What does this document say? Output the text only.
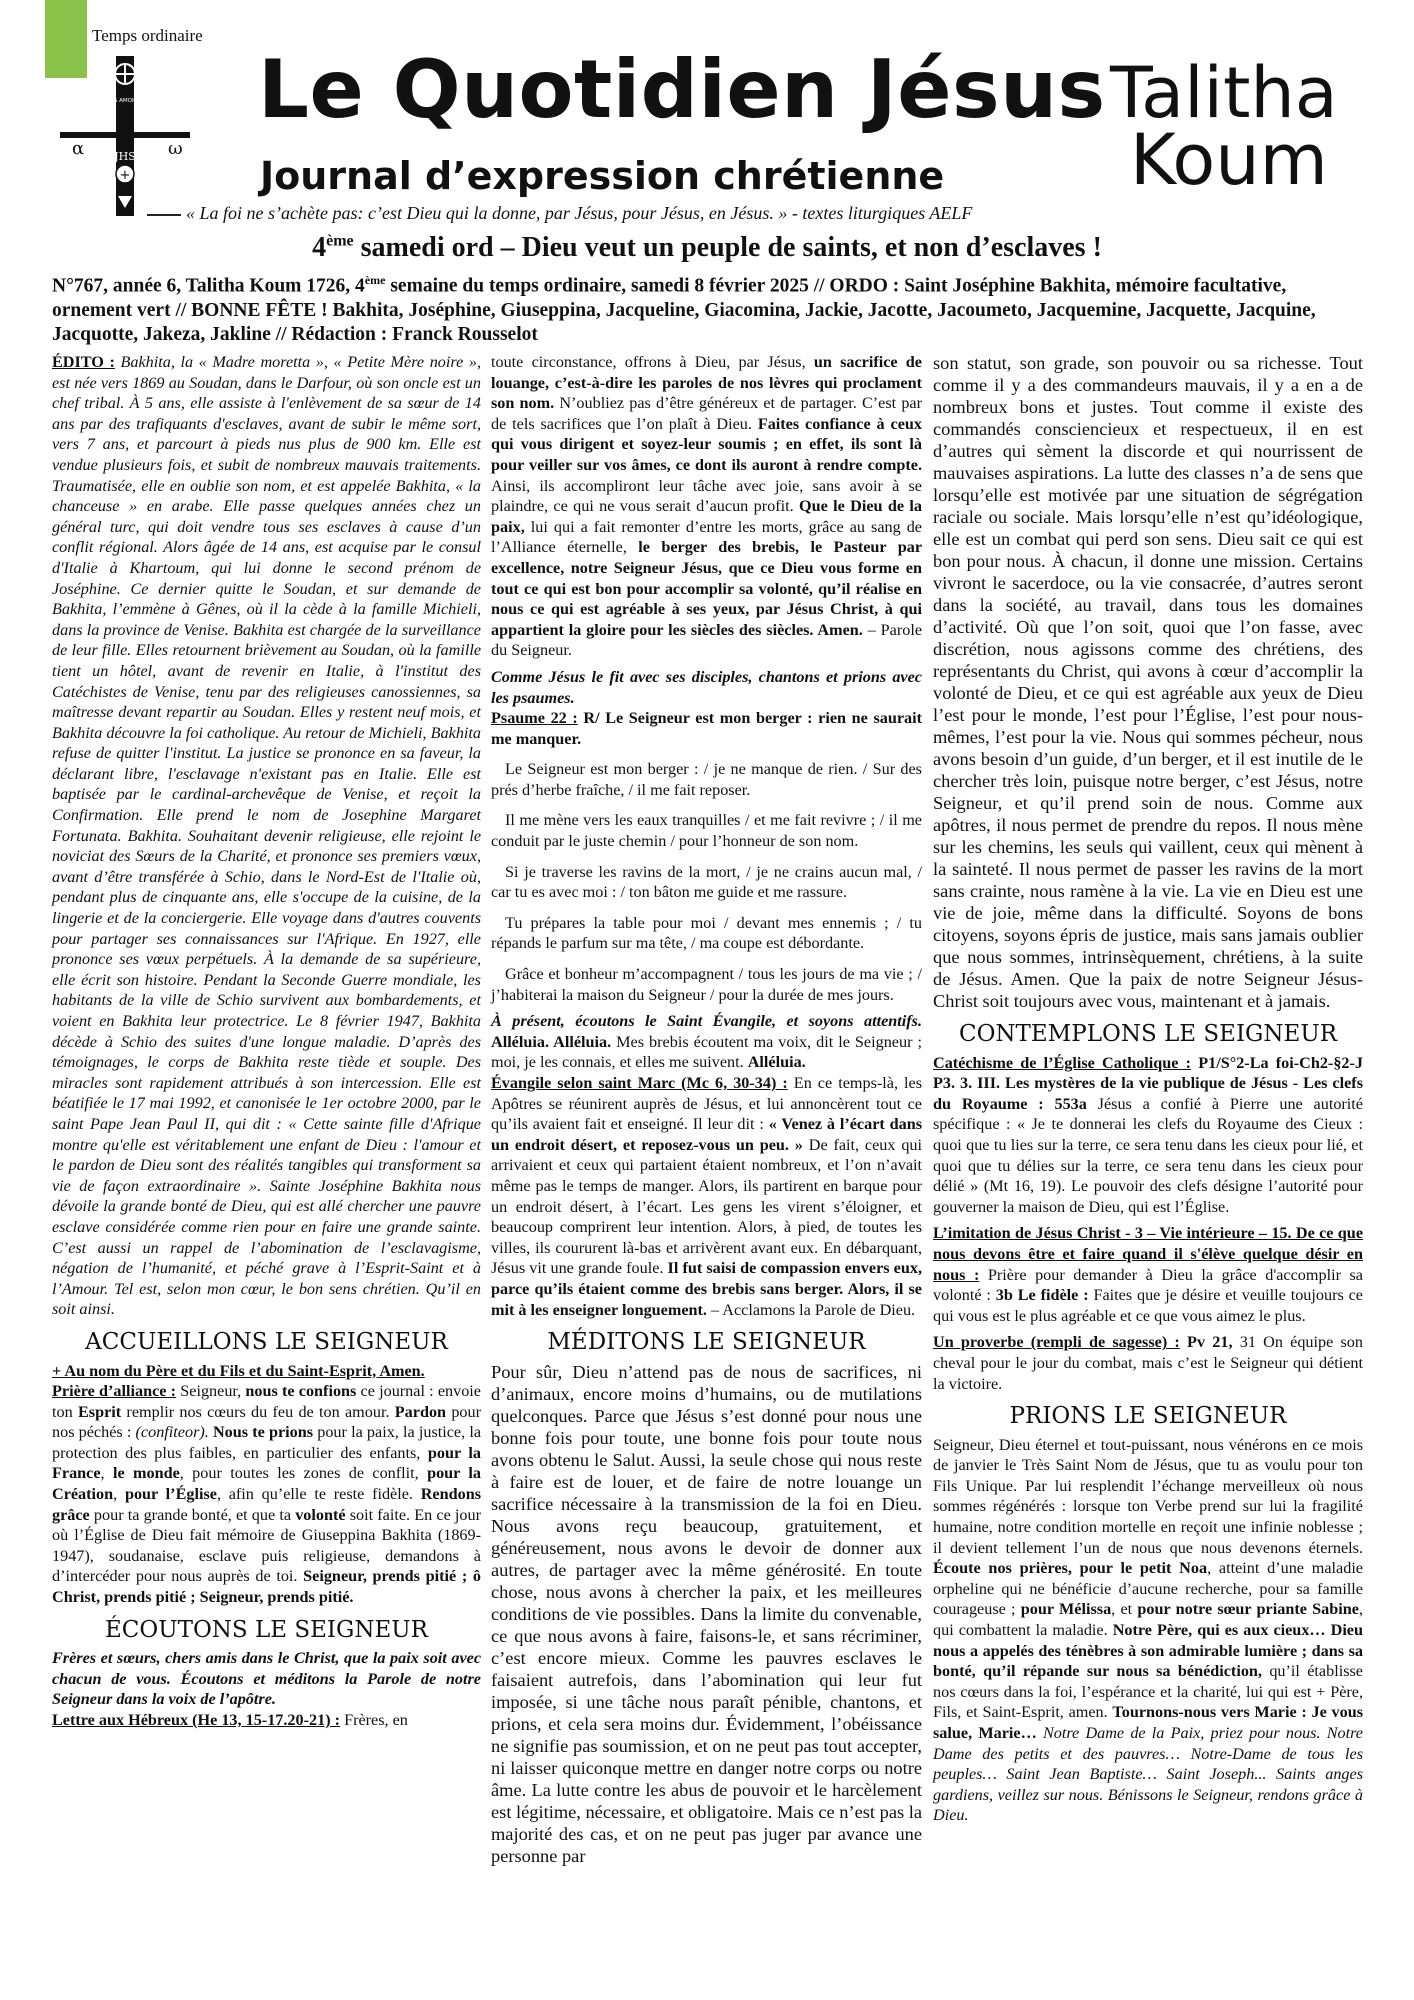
Temps ordinaire
DEUS AMOR EST
JHS
α	ω
+
Le Quotidien Jésus
Journal d’expression chrétienne
Talitha
Koum
« La foi ne s’achète pas: c’est Dieu qui la donne, par Jésus, pour Jésus, en Jésus. » - textes liturgiques AELF
4ème samedi ord – Dieu veut un peuple de saints, et non d’esclaves !
N°767, année 6, Talitha Koum 1726, 4ème semaine du temps ordinaire, samedi 8 février 2025 // ORDO : Saint Joséphine Bakhita, mémoire facultative, ornement vert // BONNE FÊTE ! Bakhita, Joséphine, Giuseppina, Jacqueline, Giacomina, Jackie, Jacotte, Jacoumeto, Jacquemine, Jacquette, Jacquine, Jacquotte, Jakeza, Jakline // Rédaction : Franck Rousselot

ÉDITO : Bakhita, la « Madre moretta », « Petite Mère noire », est née vers 1869 au Soudan, dans le Darfour, où son oncle est un chef tribal. À 5 ans, elle assiste à l'enlèvement de sa sœur de 14 ans par des trafiquants d'esclaves, avant de subir le même sort, vers 7 ans, et parcourt à pieds nus plus de 900 km. Elle est vendue plusieurs fois, et subit de nombreux mauvais traitements. Traumatisée, elle en oublie son nom, et est appelée Bakhita, « la chanceuse » en arabe. Elle passe quelques années chez un général turc, qui doit vendre tous ses esclaves à cause d’un conflit régional. Alors âgée de 14 ans, est acquise par le consul d'Italie à Khartoum, qui lui donne le second prénom de Joséphine. Ce dernier quitte le Soudan, et sur demande de Bakhita, l’emmène à Gênes, où il la cède à la famille Michieli, dans la province de Venise. Bakhita est chargée de la surveillance de leur fille. Elles retournent brièvement au Soudan, où la famille tient un hôtel, avant de revenir en Italie, à l'institut des Catéchistes de Venise, tenu par des religieuses canossiennes, sa maîtresse devant repartir au Soudan. Elles y restent neuf mois, et Bakhita découvre la foi catholique. Au retour de Michieli, Bakhita refuse de quitter l'institut. La justice se prononce en sa faveur, la déclarant libre, l'esclavage n'existant pas en Italie. Elle est baptisée par le cardinal-archevêque de Venise, et reçoit la Confirmation. Elle prend le nom de Josephine Margaret Fortunata. Bakhita. Souhaitant devenir religieuse, elle rejoint le noviciat des Sœurs de la Charité, et prononce ses premiers vœux, avant d’être transférée à Schio, dans le Nord-Est de l'Italie où, pendant plus de cinquante ans, elle s'occupe de la cuisine, de la lingerie et de la conciergerie. Elle voyage dans d'autres couvents pour partager ses connaissances sur l'Afrique. En 1927, elle prononce ses vœux perpétuels. À la demande de sa supérieure, elle écrit son histoire. Pendant la Seconde Guerre mondiale, les habitants de la ville de Schio survivent aux bombardements, et voient en Bakhita leur protectrice. Le 8 février 1947, Bakhita décède à Schio des suites d'une longue maladie. D’après des témoignages, le corps de Bakhita reste tiède et souple. Des miracles sont rapidement attribués à son intercession. Elle est béatifiée le 17 mai 1992, et canonisée le 1er octobre 2000, par le saint Pape Jean Paul II, qui dit : « Cette sainte fille d'Afrique montre qu'elle est véritablement une enfant de Dieu : l'amour et le pardon de Dieu sont des réalités tangibles qui transforment sa vie de façon extraordinaire ». Sainte Joséphine Bakhita nous dévoile la grande bonté de Dieu, qui est allé chercher une pauvre esclave considérée comme rien pour en faire une grande sainte. C’est aussi un rappel de l’abomination de l’esclavagisme, négation de l’humanité, et péché grave à l’Esprit-Saint et à l’Amour. Tel est, selon mon cœur, le bon sens chrétien. Qu’il en soit ainsi.

ACCUEILLONS LE SEIGNEUR

+ Au nom du Père et du Fils et du Saint-Esprit, Amen.

Prière d’alliance : Seigneur, nous te confions ce journal : envoie ton Esprit remplir nos cœurs du feu de ton amour. Pardon pour nos péchés : (confiteor). Nous te prions pour la paix, la justice, la protection des plus faibles, en particulier des enfants, pour la France, le monde, pour toutes les zones de conflit, pour la Création, pour l’Église, afin qu’elle te reste fidèle. Rendons grâce pour ta grande bonté, et que ta volonté soit faite. En ce jour où l’Église de Dieu fait mémoire de Giuseppina Bakhita (1869-1947), soudanaise, esclave puis religieuse, demandons à d’intercéder pour nous auprès de toi. Seigneur, prends pitié ; ô Christ, prends pitié ; Seigneur, prends pitié.

ÉCOUTONS LE SEIGNEUR

Frères et sœurs, chers amis dans le Christ, que la paix soit avec chacun de vous. Écoutons et méditons la Parole de notre Seigneur dans la voix de l’apôtre.

Lettre aux Hébreux (He 13, 15-17.20-21) : Frères, en

toute circonstance, offrons à Dieu, par Jésus, un sacrifice de louange, c’est-à-dire les paroles de nos lèvres qui proclament son nom. N’oubliez pas d’être généreux et de partager. C’est par de tels sacrifices que l’on plaît à Dieu. Faites confiance à ceux qui vous dirigent et soyez-leur soumis ; en effet, ils sont là pour veiller sur vos âmes, ce dont ils auront à rendre compte. Ainsi, ils accompliront leur tâche avec joie, sans avoir à se plaindre, ce qui ne vous serait d’aucun profit. Que le Dieu de la paix, lui qui a fait remonter d’entre les morts, grâce au sang de l’Alliance éternelle, le berger des brebis, le Pasteur par excellence, notre Seigneur Jésus, que ce Dieu vous forme en tout ce qui est bon pour accomplir sa volonté, qu’il réalise en nous ce qui est agréable à ses yeux, par Jésus Christ, à qui appartient la gloire pour les siècles des siècles. Amen. – Parole du Seigneur.

Comme Jésus le fit avec ses disciples, chantons et prions avec les psaumes.

Psaume 22 : R/ Le Seigneur est mon berger : rien ne saurait me manquer.

Le Seigneur est mon berger : / je ne manque de rien. / Sur des prés d’herbe fraîche, / il me fait reposer.

Il me mène vers les eaux tranquilles / et me fait revivre ; / il me conduit par le juste chemin / pour l’honneur de son nom.

Si je traverse les ravins de la mort, / je ne crains aucun mal, / car tu es avec moi : / ton bâton me guide et me rassure.

Tu prépares la table pour moi / devant mes ennemis ; / tu répands le parfum sur ma tête, / ma coupe est débordante.

Grâce et bonheur m’accompagnent / tous les jours de ma vie ; / j’habiterai la maison du Seigneur / pour la durée de mes jours.

À présent, écoutons le Saint Évangile, et soyons attentifs. Alléluia. Alléluia. Mes brebis écoutent ma voix, dit le Seigneur ; moi, je les connais, et elles me suivent. Alléluia.

Évangile selon saint Marc (Mc 6, 30-34) : En ce temps-là, les Apôtres se réunirent auprès de Jésus, et lui annoncèrent tout ce qu’ils avaient fait et enseigné. Il leur dit : « Venez à l’écart dans un endroit désert, et reposez-vous un peu. » De fait, ceux qui arrivaient et ceux qui partaient étaient nombreux, et l’on n’avait même pas le temps de manger. Alors, ils partirent en barque pour un endroit désert, à l’écart. Les gens les virent s’éloigner, et beaucoup comprirent leur intention. Alors, à pied, de toutes les villes, ils coururent là-bas et arrivèrent avant eux. En débarquant, Jésus vit une grande foule. Il fut saisi de compassion envers eux, parce qu’ils étaient comme des brebis sans berger. Alors, il se mit à les enseigner longuement. – Acclamons la Parole de Dieu.

MÉDITONS LE SEIGNEUR

Pour sûr, Dieu n’attend pas de nous de sacrifices, ni d’animaux, encore moins d’humains, ou de mutilations quelconques. Parce que Jésus s’est donné pour nous une bonne fois pour toute, une bonne fois pour toute nous avons obtenu le Salut. Aussi, la seule chose qui nous reste à faire est de louer, et de faire de notre louange un sacrifice nécessaire à la transmission de la foi en Dieu. Nous avons reçu beaucoup, gratuitement, et généreusement, nous avons le devoir de donner aux autres, de partager avec la même générosité. En toute chose, nous avons à chercher la paix, et les meilleures conditions de vie possibles. Dans la limite du convenable, ce que nous avons à faire, faisons-le, et sans récriminer, c’est encore mieux. Comme les pauvres esclaves le faisaient autrefois, dans l’abomination qui leur fut imposée, si une tâche nous paraît pénible, chantons, et prions, et cela sera moins dur. Évidemment, l’obéissance ne signifie pas soumission, et on ne peut pas tout accepter, ni laisser quiconque mettre en danger notre corps ou notre âme. La lutte contre les abus de pouvoir et le harcèlement est légitime, nécessaire, et obligatoire. Mais ce n’est pas la majorité des cas, et on ne peut pas juger par avance une personne par

son statut, son grade, son pouvoir ou sa richesse. Tout comme il y a des commandeurs mauvais, il y a en a de nombreux bons et justes. Tout comme il existe des commandés consciencieux et respectueux, il en est d’autres qui sèment la discorde et qui nourrissent de mauvaises aspirations. La lutte des classes n’a de sens que lorsqu’elle est motivée par une situation de ségrégation raciale ou sociale. Mais lorsqu’elle n’est qu’idéologique, elle est un combat qui perd son sens. Dieu sait ce qui est bon pour nous. À chacun, il donne une mission. Certains vivront le sacerdoce, ou la vie consacrée, d’autres seront dans la société, au travail, dans tous les domaines d’activité. Où que l’on soit, quoi que l’on fasse, avec discrétion, nous agissons comme des chrétiens, des représentants du Christ, qui avons à cœur d’accomplir la volonté de Dieu, et ce qui est agréable aux yeux de Dieu l’est pour le monde, l’est pour l’Église, l’est pour nous-mêmes, l’est pour la vie. Nous qui sommes pécheur, nous avons besoin d’un guide, d’un berger, et il est inutile de le chercher très loin, puisque notre berger, c’est Jésus, notre Seigneur, et qu’il prend soin de nous. Comme aux apôtres, il nous permet de prendre du repos. Il nous mène sur les chemins, les seuls qui vaillent, ceux qui mènent à la sainteté. Il nous permet de passer les ravins de la mort sans crainte, nous ramène à la vie. La vie en Dieu est une vie de joie, même dans la difficulté. Soyons de bons citoyens, soyons épris de justice, mais sans jamais oublier que nous sommes, intrinsèquement, chrétiens, à la suite de Jésus. Amen. Que la paix de notre Seigneur Jésus-Christ soit toujours avec vous, maintenant et à jamais.

CONTEMPLONS LE SEIGNEUR

Catéchisme de l’Église Catholique : P1/S°2-La foi-Ch2-§2-J P3. 3. III. Les mystères de la vie publique de Jésus - Les clefs du Royaume : 553a Jésus a confié à Pierre une autorité spécifique : « Je te donnerai les clefs du Royaume des Cieux : quoi que tu lies sur la terre, ce sera tenu dans les cieux pour lié, et quoi que tu délies sur la terre, ce sera tenu dans les cieux pour délié » (Mt 16, 19). Le pouvoir des clefs désigne l’autorité pour gouverner la maison de Dieu, qui est l’Église.

L’imitation de Jésus Christ - 3 – Vie intérieure – 15. De ce que nous devons être et faire quand il s'élève quelque désir en nous : Prière pour demander à Dieu la grâce d'accomplir sa volonté : 3b Le fidèle : Faites que je désire et veuille toujours ce qui vous est le plus agréable et ce que vous aimez le plus.

Un proverbe (rempli de sagesse) : Pv 21, 31 On équipe son cheval pour le jour du combat, mais c’est le Seigneur qui détient la victoire.

PRIONS LE SEIGNEUR

Seigneur, Dieu éternel et tout-puissant, nous vénérons en ce mois de janvier le Très Saint Nom de Jésus, que tu as voulu pour ton Fils Unique. Par lui resplendit l’échange merveilleux où nous sommes régénérés : lorsque ton Verbe prend sur lui la fragilité humaine, notre condition mortelle en reçoit une infinie noblesse ; il devient tellement l’un de nous que nous devenons éternels. Écoute nos prières, pour le petit Noa, atteint d’une maladie orpheline qui ne bénéficie d’aucune recherche, pour sa famille courageuse ; pour Mélissa, et pour notre sœur priante Sabine, qui combattent la maladie. Notre Père, qui es aux cieux… Dieu nous a appelés des ténèbres à son admirable lumière ; dans sa bonté, qu’il répande sur nous sa bénédiction, qu’il établisse nos cœurs dans la foi, l’espérance et la charité, lui qui est + Père, Fils, et Saint-Esprit, amen. Tournons-nous vers Marie : Je vous salue, Marie… Notre Dame de la Paix, priez pour nous. Notre Dame des petits et des pauvres… Notre-Dame de tous les peuples… Saint Jean Baptiste… Saint Joseph... Saints anges gardiens, veillez sur nous. Bénissons le Seigneur, rendons grâce à Dieu.
